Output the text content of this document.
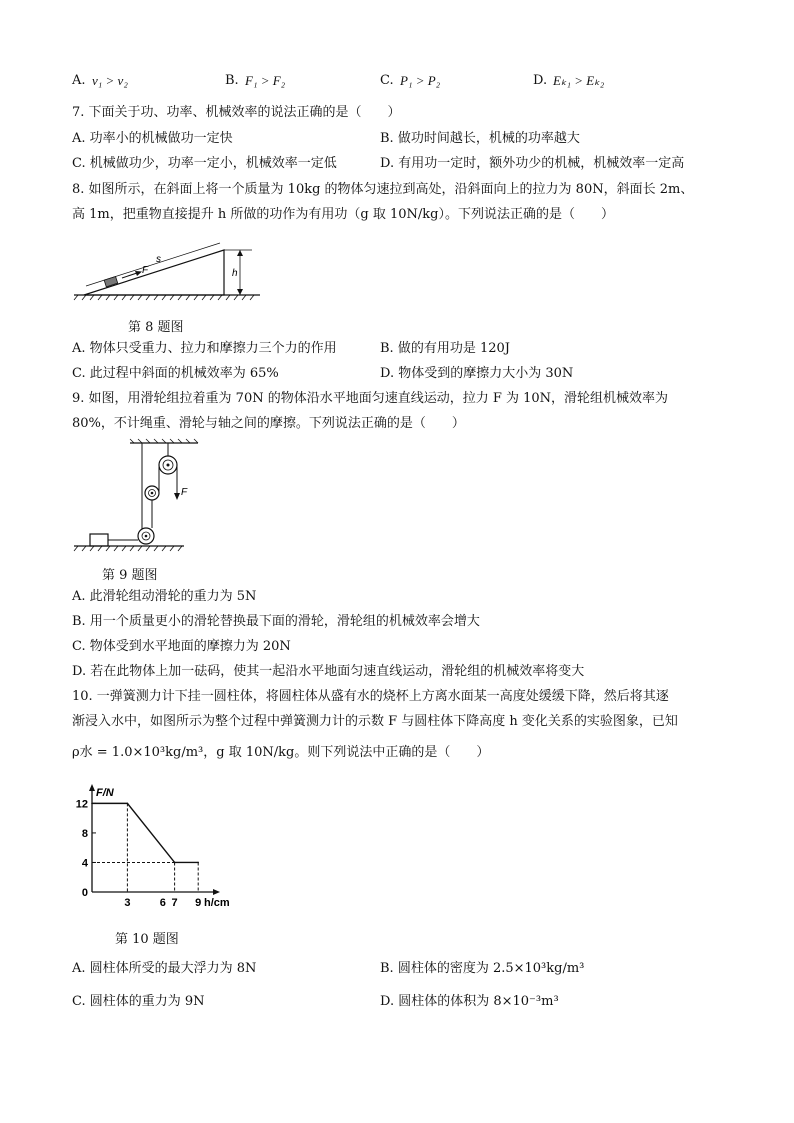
A. v₁ > v₂	B. F₁ > F₂	C. P₁ > P₂	D. Eₖ₁ > Eₖ₂
7. 下面关于功、功率、机械效率的说法正确的是（　　）
A. 功率小的机械做功一定快	B. 做功时间越长，机械的功率越大
C. 机械做功少，功率一定小，机械效率一定低	D. 有用功一定时，额外功少的机械，机械效率一定高
8. 如图所示，在斜面上将一个质量为 10kg 的物体匀速拉到高处，沿斜面向上的拉力为 80N，斜面长 2m、
高 1m，把重物直接提升 h 所做的功作为有用功（g 取 10N/kg）。下列说法正确的是（　　）
s
F	h
第 8 题图
A. 物体只受重力、拉力和摩擦力三个力的作用	B. 做的有用功是 120J
C. 此过程中斜面的机械效率为 65%	D. 物体受到的摩擦力大小为 30N
9. 如图，用滑轮组拉着重为 70N 的物体沿水平地面匀速直线运动，拉力 F 为 10N，滑轮组机械效率为
80%，不计绳重、滑轮与轴之间的摩擦。下列说法正确的是（　　）
F
第 9 题图
A. 此滑轮组动滑轮的重力为 5N
B. 用一个质量更小的滑轮替换最下面的滑轮，滑轮组的机械效率会增大
C. 物体受到水平地面的摩擦力为 20N
D. 若在此物体上加一砝码，使其一起沿水平地面匀速直线运动，滑轮组的机械效率将变大
10. 一弹簧测力计下挂一圆柱体，将圆柱体从盛有水的烧杯上方离水面某一高度处缓缓下降，然后将其逐
渐浸入水中，如图所示为整个过程中弹簧测力计的示数 F 与圆柱体下降高度 h 变化关系的实验图象，已知
ρ水 = 1.0×10³kg/m³，g 取 10N/kg。则下列说法中正确的是（　　）
F/N
h/cm
4
8
12
0
3	6 7 9
第 10 题图
A. 圆柱体所受的最大浮力为 8N	B. 圆柱体的密度为 2.5×10³kg/m³
C. 圆柱体的重力为 9N	D. 圆柱体的体积为 8×10⁻³m³
